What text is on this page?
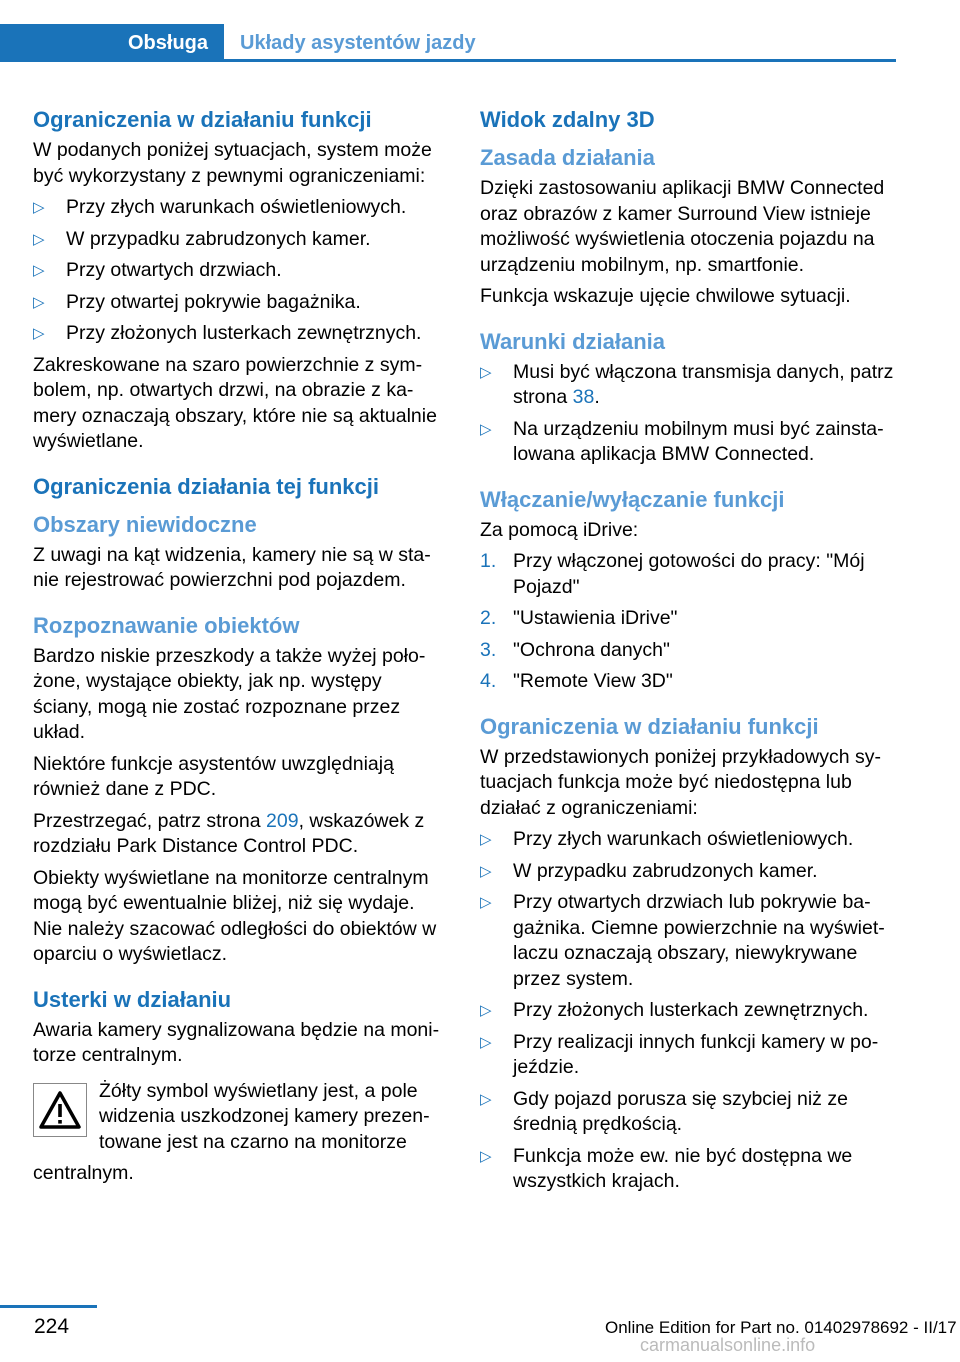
Obsługa	Układy asystentów jazdy
Ograniczenia w działaniu funkcji

W podanych poniżej sytuacjach, system może być wykorzystany z pewnymi ograniczeniami:

▷ Przy złych warunkach oświetleniowych.
▷ W przypadku zabrudzonych kamer.
▷ Przy otwartych drzwiach.
▷ Przy otwartej pokrywie bagażnika.
▷ Przy złożonych lusterkach zewnętrznych.

Zakreskowane na szaro powierzchnie z symbolem, np. otwartych drzwi, na obrazie z kamery oznaczają obszary, które nie są aktualnie wyświetlane.

Ograniczenia działania tej funkcji
Obszary niewidoczne

Z uwagi na kąt widzenia, kamery nie są w stanie rejestrować powierzchni pod pojazdem.

Rozpoznawanie obiektów

Bardzo niskie przeszkody a także wyżej położone, wystające obiekty, jak np. występy ściany, mogą nie zostać rozpoznane przez układ.

Niektóre funkcje asystentów uwzględniają również dane z PDC.

Przestrzegać, patrz strona 209, wskazówek z rozdziału Park Distance Control PDC.

Obiekty wyświetlane na monitorze centralnym mogą być ewentualnie bliżej, niż się wydaje. Nie należy szacować odległości do obiektów w oparciu o wyświetlacz.

Usterki w działaniu

Awaria kamery sygnalizowana będzie na monitorze centralnym.

Żółty symbol wyświetlany jest, a pole widzenia uszkodzonej kamery prezentowane jest na czarno na monitorze

centralnym.

Widok zdalny 3D
Zasada działania

Dzięki zastosowaniu aplikacji BMW Connected oraz obrazów z kamer Surround View istnieje możliwość wyświetlenia otoczenia pojazdu na urządzeniu mobilnym, np. smartfonie.

Funkcja wskazuje ujęcie chwilowe sytuacji.

Warunki działania
▷ Musi być włączona transmisja danych, patrz strona 38.
▷ Na urządzeniu mobilnym musi być zainstalowana aplikacja BMW Connected.
Włączanie/wyłączanie funkcji

Za pomocą iDrive:

1. Przy włączonej gotowości do pracy: "Mój Pojazd"
2. "Ustawienia iDrive"
3. "Ochrona danych"
4. "Remote View 3D"
Ograniczenia w działaniu funkcji

W przedstawionych poniżej przykładowych sytuacjach funkcja może być niedostępna lub działać z ograniczeniami:

▷ Przy złych warunkach oświetleniowych.
▷ W przypadku zabrudzonych kamer.
▷ Przy otwartych drzwiach lub pokrywie bagażnika. Ciemne powierzchnie na wyświetlaczu oznaczają obszary, niewykrywane przez system.
▷ Przy złożonych lusterkach zewnętrznych.
▷ Przy realizacji innych funkcji kamery w pojeździe.
▷ Gdy pojazd porusza się szybciej niż ze średnią prędkością.
▷ Funkcja może ew. nie być dostępna we wszystkich krajach.
224	Online Edition for Part no. 01402978692 - II/17
carmanualsonline.info
